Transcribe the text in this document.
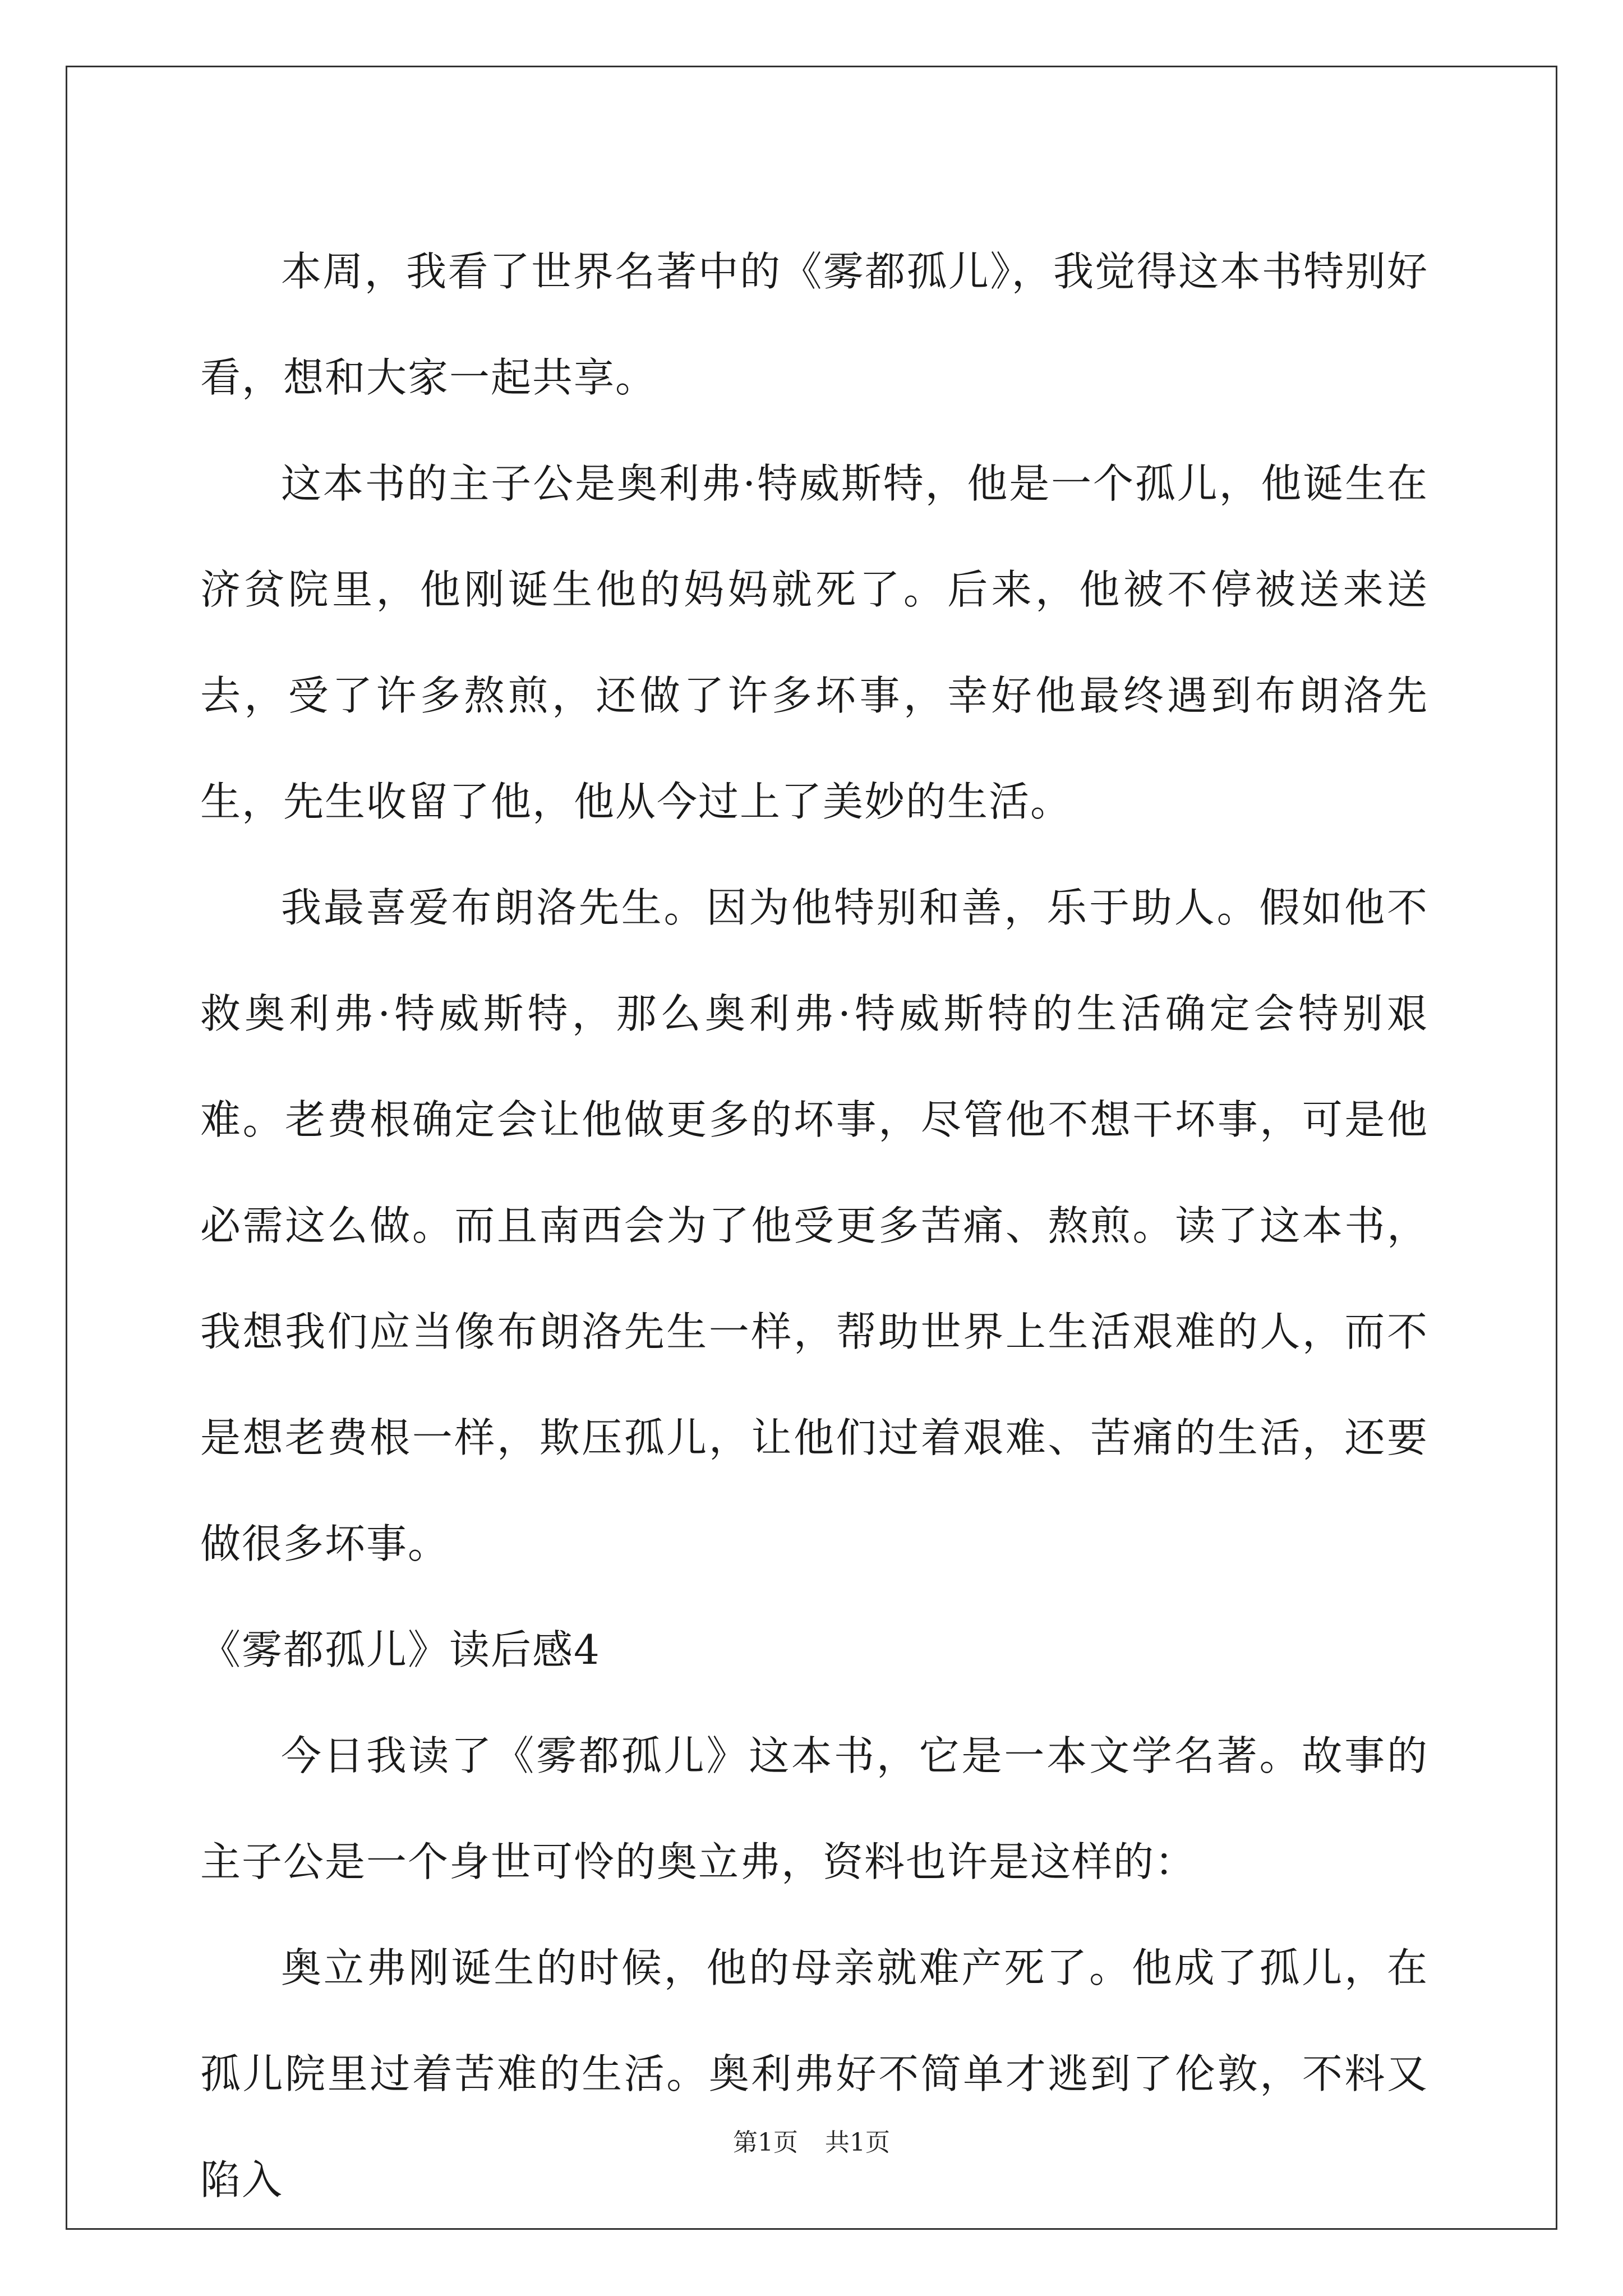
本周，我看了世界名著中的《雾都孤儿》，我觉得这本书特别好看，想和大家一起共享。

这本书的主子公是奥利弗·特威斯特，他是一个孤儿，他诞生在济贫院里，他刚诞生他的妈妈就死了。后来，他被不停被送来送去，受了许多熬煎，还做了许多坏事，幸好他最终遇到布朗洛先生，先生收留了他，他从今过上了美妙的生活。

我最喜爱布朗洛先生。因为他特别和善，乐于助人。假如他不救奥利弗·特威斯特，那么奥利弗·特威斯特的生活确定会特别艰难。老费根确定会让他做更多的坏事，尽管他不想干坏事，可是他必需这么做。而且南西会为了他受更多苦痛、熬煎。读了这本书，我想我们应当像布朗洛先生一样，帮助世界上生活艰难的人，而不是想老费根一样，欺压孤儿，让他们过着艰难、苦痛的生活，还要做很多坏事。

《雾都孤儿》读后感4

今日我读了《雾都孤儿》这本书，它是一本文学名著。故事的主子公是一个身世可怜的奥立弗，资料也许是这样的：

奥立弗刚诞生的时候，他的母亲就难产死了。他成了孤儿，在孤儿院里过着苦难的生活。奥利弗好不简单才逃到了伦敦，不料又陷入

第1页 共1页
